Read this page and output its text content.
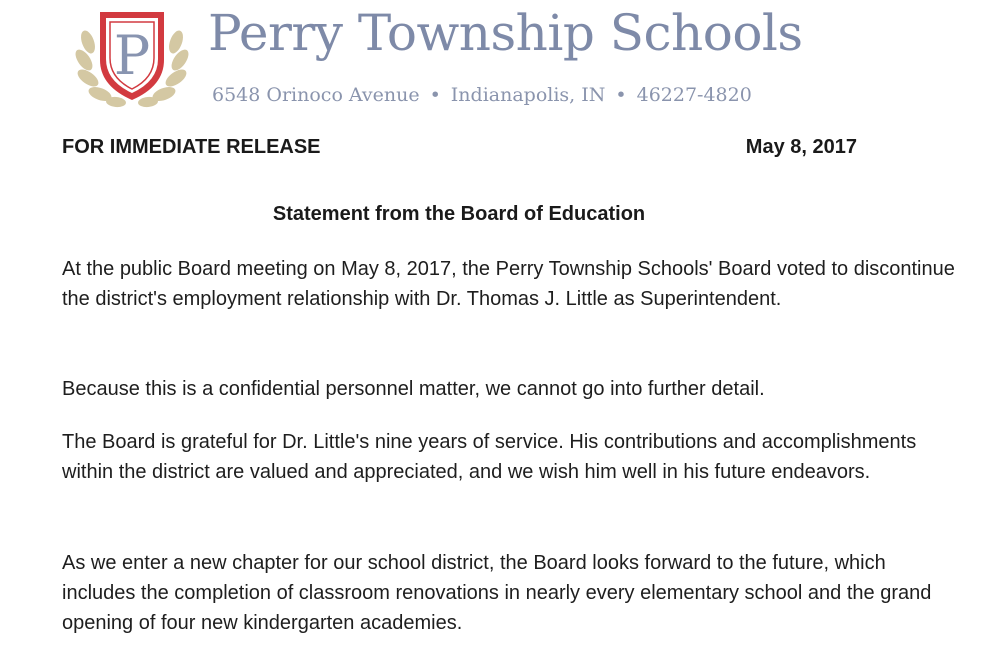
P Perry Township Schools
6548 Orinoco Avenue • Indianapolis, IN • 46227-4820
FOR IMMEDIATE RELEASE	May 8, 2017
Statement from the Board of Education
At the public Board meeting on May 8, 2017, the Perry Township Schools' Board voted to discontinue the district's employment relationship with Dr. Thomas J. Little as Superintendent.
Because this is a confidential personnel matter, we cannot go into further detail.
The Board is grateful for Dr. Little's nine years of service. His contributions and accomplishments within the district are valued and appreciated, and we wish him well in his future endeavors.
As we enter a new chapter for our school district, the Board looks forward to the future, which includes the completion of classroom renovations in nearly every elementary school and the grand opening of four new kindergarten academies.
